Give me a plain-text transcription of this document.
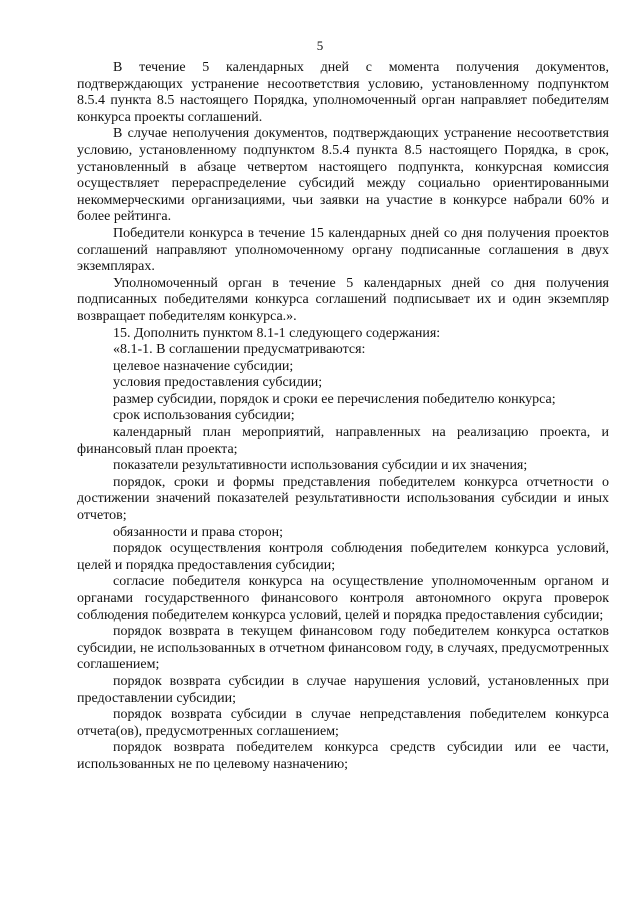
5

В течение 5 календарных дней с момента получения документов, подтверждающих устранение несоответствия условию, установленному подпунктом 8.5.4 пункта 8.5 настоящего Порядка, уполномоченный орган направляет победителям конкурса проекты соглашений.

В случае неполучения документов, подтверждающих устранение несоответствия условию, установленному подпунктом 8.5.4 пункта 8.5 настоящего Порядка, в срок, установленный в абзаце четвертом настоящего подпункта, конкурсная комиссия осуществляет перераспределение субсидий между социально ориентированными некоммерческими организациями, чьи заявки на участие в конкурсе набрали 60% и более рейтинга.

Победители конкурса в течение 15 календарных дней со дня получения проектов соглашений направляют уполномоченному органу подписанные соглашения в двух экземплярах.

Уполномоченный орган в течение 5 календарных дней со дня получения подписанных победителями конкурса соглашений подписывает их и один экземпляр возвращает победителям конкурса.».

15. Дополнить пунктом 8.1-1 следующего содержания:

«8.1-1. В соглашении предусматриваются:

целевое назначение субсидии;

условия предоставления субсидии;

размер субсидии, порядок и сроки ее перечисления победителю конкурса;

срок использования субсидии;

календарный план мероприятий, направленных на реализацию проекта, и финансовый план проекта;

показатели результативности использования субсидии и их значения;

порядок, сроки и формы представления победителем конкурса отчетности о достижении значений показателей результативности использования субсидии и иных отчетов;

обязанности и права сторон;

порядок осуществления контроля соблюдения победителем конкурса условий, целей и порядка предоставления субсидии;

согласие победителя конкурса на осуществление уполномоченным органом и органами государственного финансового контроля автономного округа проверок соблюдения победителем конкурса условий, целей и порядка предоставления субсидии;

порядок возврата в текущем финансовом году победителем конкурса остатков субсидии, не использованных в отчетном финансовом году, в случаях, предусмотренных соглашением;

порядок возврата субсидии в случае нарушения условий, установленных при предоставлении субсидии;

порядок возврата субсидии в случае непредставления победителем конкурса отчета(ов), предусмотренных соглашением;

порядок возврата победителем конкурса средств субсидии или ее части, использованных не по целевому назначению;
